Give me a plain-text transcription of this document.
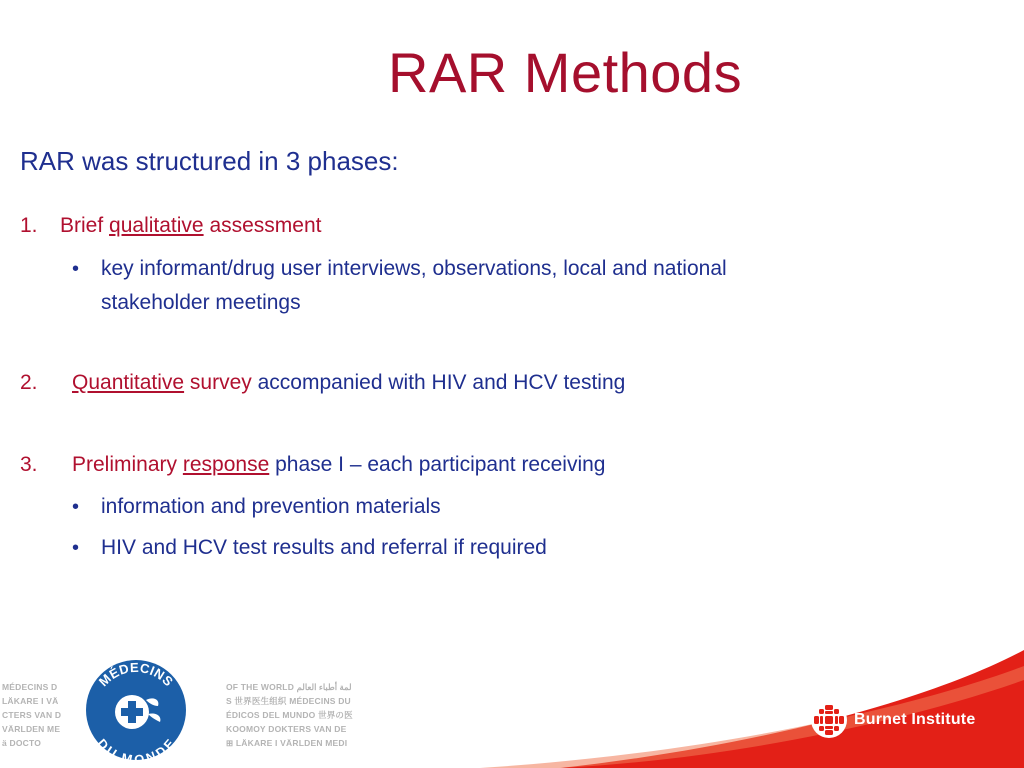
RAR Methods
RAR was structured in 3 phases:
1. Brief qualitative assessment
• key informant/drug user interviews, observations, local and national
stakeholder meetings
2. Quantitative survey accompanied with HIV and HCV testing
3. Preliminary response phase I – each participant receiving
• information and prevention materials
• HIV and HCV test results and referral if required
MÉDECINS D
LÄKARE I VÄ
CTERS VAN D
VÄRLDEN ME
ä DOCTO
MÉDECINS
DU MONDE
OF THE WORLD لمة أطباء العالم
S 世界医生组织 MÉDECINS DU
ÉDICOS DEL MUNDO 世界の医
KOOΜΟΥ DOKTERS VAN DE
⊞ LÄKARE I VÄRLDEN MEDI
Burnet Institute
